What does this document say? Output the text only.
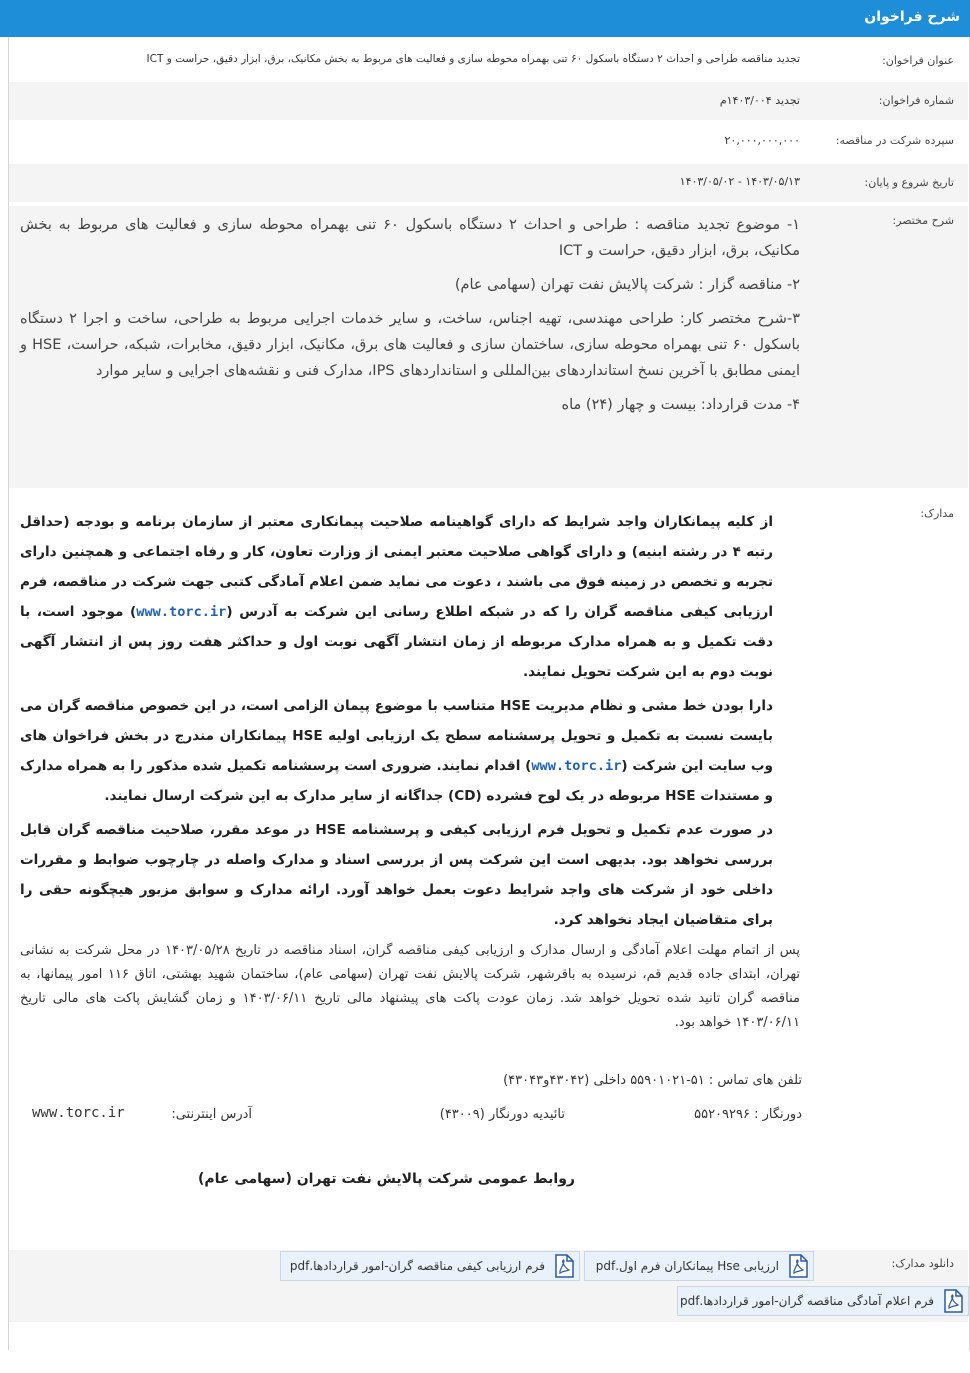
شرح فراخوان
عنوان فراخوان:
تجدید مناقصه طراحی و احداث ۲ دستگاه باسکول ۶۰ تنی بهمراه محوطه سازی و فعالیت های مربوط به بخش مکانیک، برق، ابزار دقیق، حراست و ICT
شماره فراخوان:
تجدید ۱۴۰۳/۰۰۴م
سپرده شرکت در مناقصه:
۲۰,۰۰۰,۰۰۰,۰۰۰
تاریخ شروع و پایان:
۱۴۰۳/۰۵/۱۳ - ۱۴۰۳/۰۵/۰۲
شرح مختصر:

۱- موضوع تجدید مناقصه : طراحی و احداث ۲ دستگاه باسکول ۶۰ تنی بهمراه محوطه سازی و فعالیت های مربوط به بخش مکانیک، برق، ابزار دقیق، حراست و ICT

۲- مناقصه گزار : شرکت پالایش نفت تهران (سهامی عام)

۳-شرح مختصر کار: طراحی مهندسی، تهیه اجناس، ساخت، و سایر خدمات اجرایی مربوط به طراحی، ساخت و اجرا ۲ دستگاه باسکول ۶۰ تنی بهمراه محوطه سازی، ساختمان سازی و فعالیت های برق، مکانیک، ابزار دقیق، مخابرات، شبکه، حراست، HSE و ایمنی مطابق با آخرین نسخ استانداردهای بین‌المللی و استانداردهای IPS، مدارک فنی و نقشه‌های اجرایی و سایر موارد

۴- مدت قرارداد: بیست و چهار (۲۴) ماه

مدارک:

از کلیه پیمانکاران واجد شرایط که دارای گواهینامه صلاحیت پیمانکاری معتبر از سازمان برنامه و بودجه (حداقل رتبه ۴ در رشته ابنیه) و دارای گواهی صلاحیت معتبر ایمنی از وزارت تعاون، کار و رفاه اجتماعی و همچنین دارای تجربه و تخصص در زمینه فوق می باشند ، دعوت می نماید ضمن اعلام آمادگی کتبی جهت شرکت در مناقصه، فرم ارزیابی کیفی مناقصه گران را که در شبکه اطلاع رسانی این شرکت به آدرس (www.torc.ir) موجود است، با دقت تکمیل و به همراه مدارک مربوطه از زمان انتشار آگهی نوبت اول و حداکثر هفت روز پس از انتشار آگهی نوبت دوم به این شرکت تحویل نمایند.

دارا بودن خط مشی و نظام مدیریت HSE متناسب با موضوع پیمان الزامی است، در این خصوص مناقصه گران می بایست نسبت به تکمیل و تحویل پرسشنامه سطح یک ارزیابی اولیه HSE پیمانکاران مندرج در بخش فراخوان های وب سایت این شرکت (www.torc.ir) اقدام نمایند. ضروری است پرسشنامه تکمیل شده مذکور را به همراه مدارک و مستندات HSE مربوطه در یک لوح فشرده (CD) جداگانه از سایر مدارک به این شرکت ارسال نمایند.

در صورت عدم تکمیل و تحویل فرم ارزیابی کیفی و پرسشنامه HSE در موعد مقرر، صلاحیت مناقصه گران قابل بررسی نخواهد بود. بدیهی است این شرکت پس از بررسی اسناد و مدارک واصله در چارچوب ضوابط و مقررات داخلی خود از شرکت های واجد شرایط دعوت بعمل خواهد آورد. ارائه مدارک و سوابق مزبور هیچگونه حقی را برای متقاضیان ایجاد نخواهد کرد.

پس از اتمام مهلت اعلام آمادگی و ارسال مدارک و ارزیابی کیفی مناقصه گران، اسناد مناقصه در تاریخ ۱۴۰۳/۰۵/۲۸ در محل شرکت به نشانی تهران، ابتدای جاده قدیم قم، نرسیده به باقرشهر، شرکت پالایش نفت تهران (سهامی عام)، ساختمان شهید بهشتی، اتاق ۱۱۶ امور پیمانها، به مناقصه گران تانید شده تحویل خواهد شد. زمان عودت پاکت های پیشنهاد مالی تاریخ ۱۴۰۳/۰۶/۱۱ و زمان گشایش پاکت های مالی تاریخ ۱۴۰۳/۰۶/۱۱ خواهد بود.

تلفن های تماس : ۵۱-۵۵۹۰۱۰۲۱ داخلی (۴۳۰۴۲و۴۳۰۴۳)
دورنگار : ۵۵۲۰۹۲۹۶
تائیدیه دورنگار (۴۳۰۰۹)
آدرس اینترنتی:
www.torc.ir
روابط عمومی شرکت پالایش نفت تهران (سهامی عام)
دانلود مدارک:
ارزیابی Hse پیمانکاران فرم اول.pdf
فرم ارزیابی کیفی مناقصه گران-امور قراردادها.pdf
فرم اعلام آمادگی مناقصه گران-امور قراردادها.pdf
